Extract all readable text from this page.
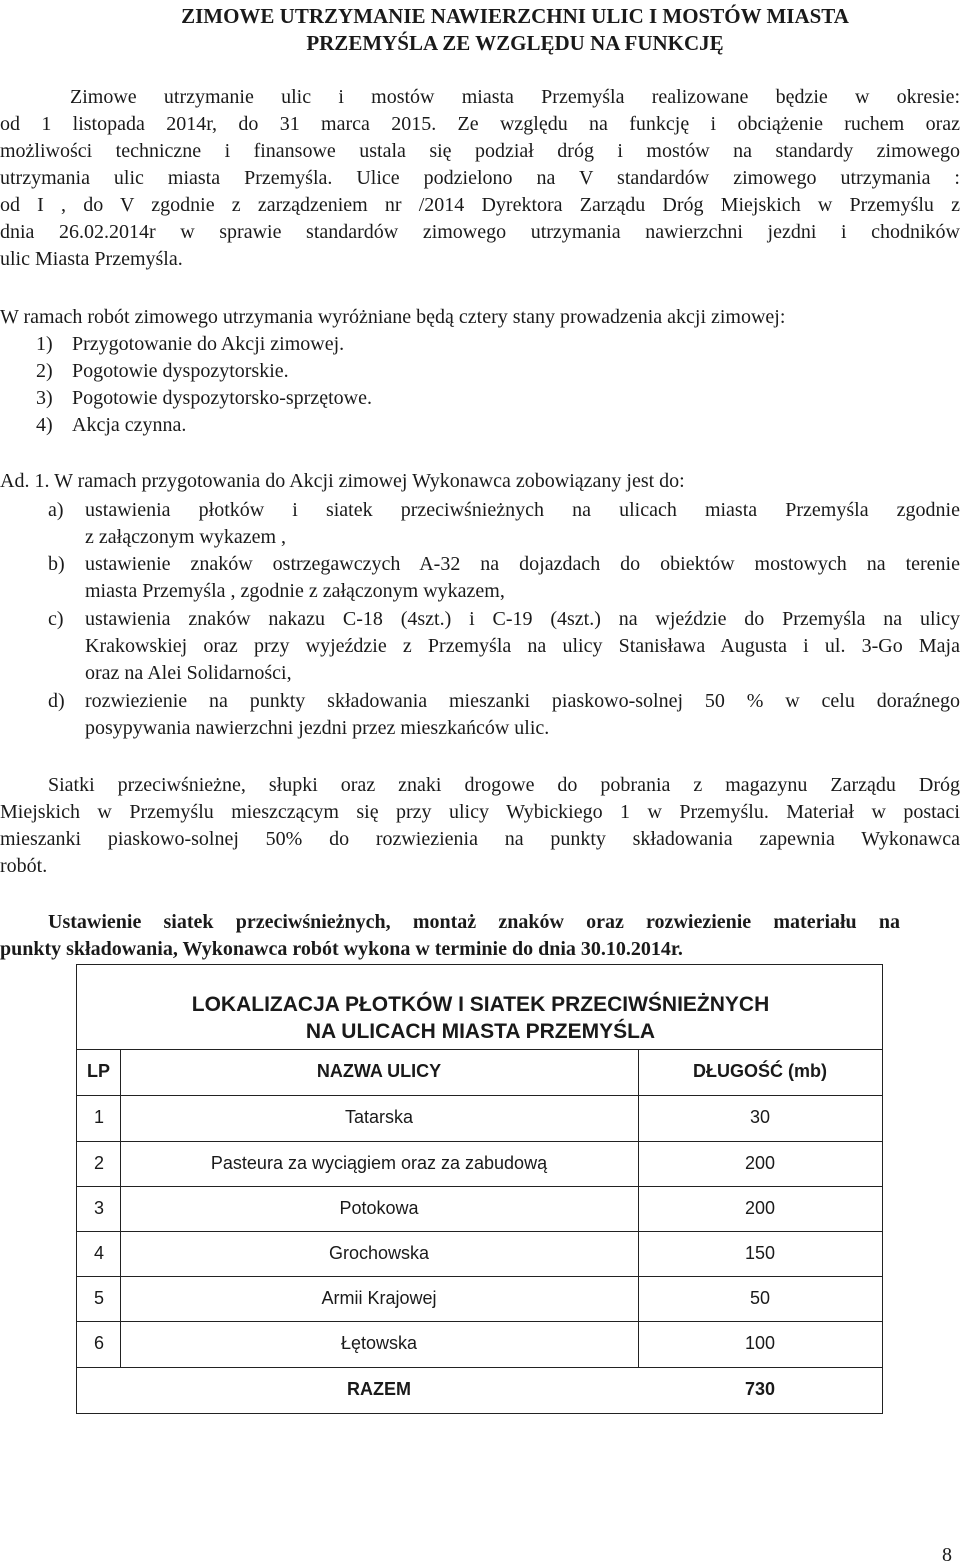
ZIMOWE UTRZYMANIE NAWIERZCHNI ULIC I MOSTÓW MIASTA
PRZEMYŚLA ZE WZGLĘDU NA FUNKCJĘ
Zimowe utrzymanie ulic i mostów miasta Przemyśla realizowane będzie w okresie:
od 1 listopada 2014r, do 31 marca 2015. Ze względu na funkcję i obciążenie ruchem oraz
możliwości techniczne i finansowe ustala się podział dróg i mostów na standardy zimowego
utrzymania ulic miasta Przemyśla. Ulice podzielono na V standardów zimowego utrzymania :
od I , do V zgodnie z zarządzeniem nr /2014 Dyrektora Zarządu Dróg Miejskich w Przemyślu z
dnia 26.02.2014r w sprawie standardów zimowego utrzymania nawierzchni jezdni i chodników
ulic Miasta Przemyśla.
W ramach robót zimowego utrzymania wyróżniane będą cztery stany prowadzenia akcji zimowej:
1) Przygotowanie do Akcji zimowej.
2) Pogotowie dyspozytorskie.
3) Pogotowie dyspozytorsko-sprzętowe.
4) Akcja czynna.
Ad. 1. W ramach przygotowania do Akcji zimowej Wykonawca zobowiązany jest do:
a) ustawienia płotków i siatek przeciwśnieżnych na ulicach miasta Przemyśla zgodnie
z załączonym wykazem ,
b) ustawienie znaków ostrzegawczych A-32 na dojazdach do obiektów mostowych na terenie
miasta Przemyśla , zgodnie z załączonym wykazem,
c) ustawienia znaków nakazu C-18 (4szt.) i C-19 (4szt.) na wjeździe do Przemyśla na ulicy
Krakowskiej oraz przy wyjeździe z Przemyśla na ulicy Stanisława Augusta i ul. 3-Go Maja
oraz na Alei Solidarności,
d) rozwiezienie na punkty składowania mieszanki piaskowo-solnej 50 % w celu doraźnego
posypywania nawierzchni jezdni przez mieszkańców ulic.
Siatki przeciwśnieżne, słupki oraz znaki drogowe do pobrania z magazynu Zarządu Dróg
Miejskich w Przemyślu mieszczącym się przy ulicy Wybickiego 1 w Przemyślu. Materiał w postaci
mieszanki piaskowo-solnej 50% do rozwiezienia na punkty składowania zapewnia Wykonawca
robót.
Ustawienie siatek przeciwśnieżnych, montaż znaków oraz rozwiezienie materiału na
punkty składowania, Wykonawca robót wykona w terminie do dnia 30.10.2014r.
LOKALIZACJA PŁOTKÓW I SIATEK PRZECIWŚNIEŻNYCH
NA ULICACH MIASTA PRZEMYŚLA
LP	NAZWA ULICY	DŁUGOŚĆ (mb)
1	Tatarska	30
2	Pasteura za wyciągiem oraz za zabudową	200
3	Potokowa	200
4	Grochowska	150
5	Armii Krajowej	50
6	Łętowska	100
RAZEM	730
8
